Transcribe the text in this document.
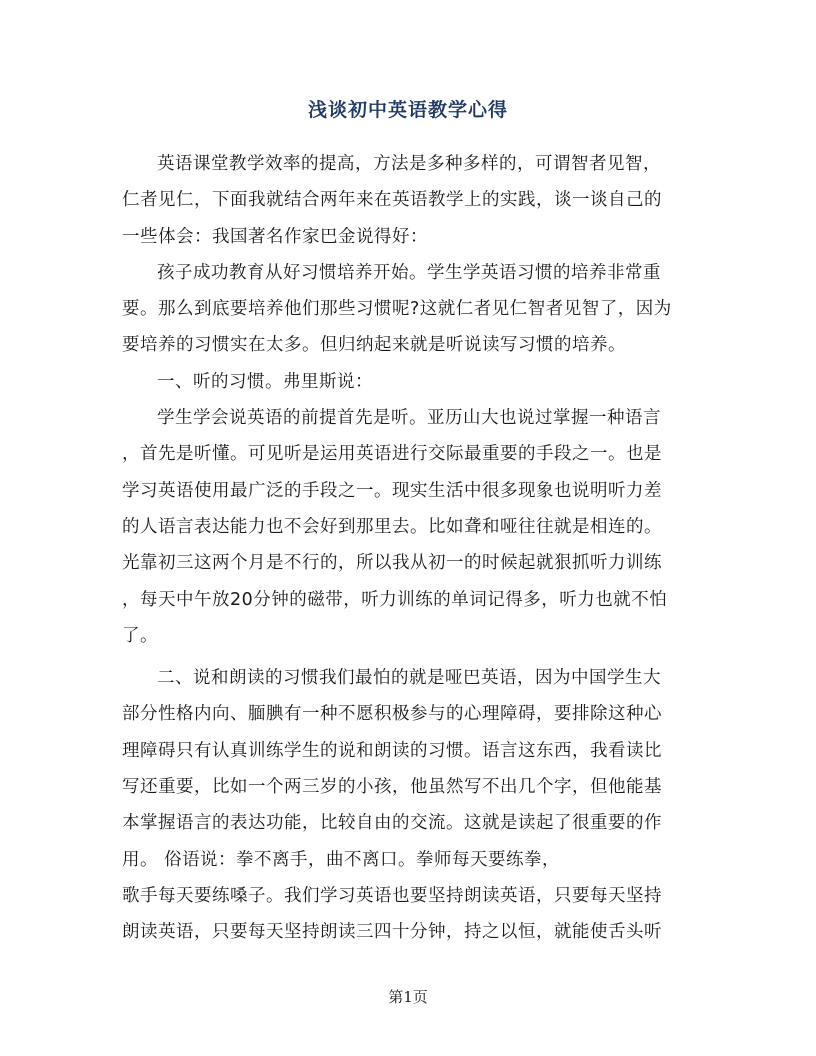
浅谈初中英语教学心得

英语课堂教学效率的提高，方法是多种多样的，可谓智者见智，
仁者见仁，下面我就结合两年来在英语教学上的实践，谈一谈自己的
一些体会：我国著名作家巴金说得好：

孩子成功教育从好习惯培养开始。学生学英语习惯的培养非常重
要。那么到底要培养他们那些习惯呢?这就仁者见仁智者见智了，因为
要培养的习惯实在太多。但归纳起来就是听说读写习惯的培养。

一、听的习惯。弗里斯说：

学生学会说英语的前提首先是听。亚历山大也说过掌握一种语言
，首先是听懂。可见听是运用英语进行交际最重要的手段之一。也是
学习英语使用最广泛的手段之一。现实生活中很多现象也说明听力差
的人语言表达能力也不会好到那里去。比如聋和哑往往就是相连的。
光靠初三这两个月是不行的，所以我从初一的时候起就狠抓听力训练
，每天中午放20分钟的磁带，听力训练的单词记得多，听力也就不怕
了。

二、说和朗读的习惯我们最怕的就是哑巴英语，因为中国学生大
部分性格内向、腼腆有一种不愿积极参与的心理障碍，要排除这种心
理障碍只有认真训练学生的说和朗读的习惯。语言这东西，我看读比
写还重要，比如一个两三岁的小孩，他虽然写不出几个字，但他能基
本掌握语言的表达功能，比较自由的交流。这就是读起了很重要的作
用。 俗语说：拳不离手，曲不离口。拳师每天要练拳，

歌手每天要练嗓子。我们学习英语也要坚持朗读英语，只要每天坚持
朗读英语，只要每天坚持朗读三四十分钟，持之以恒，就能使舌头听

第1页
